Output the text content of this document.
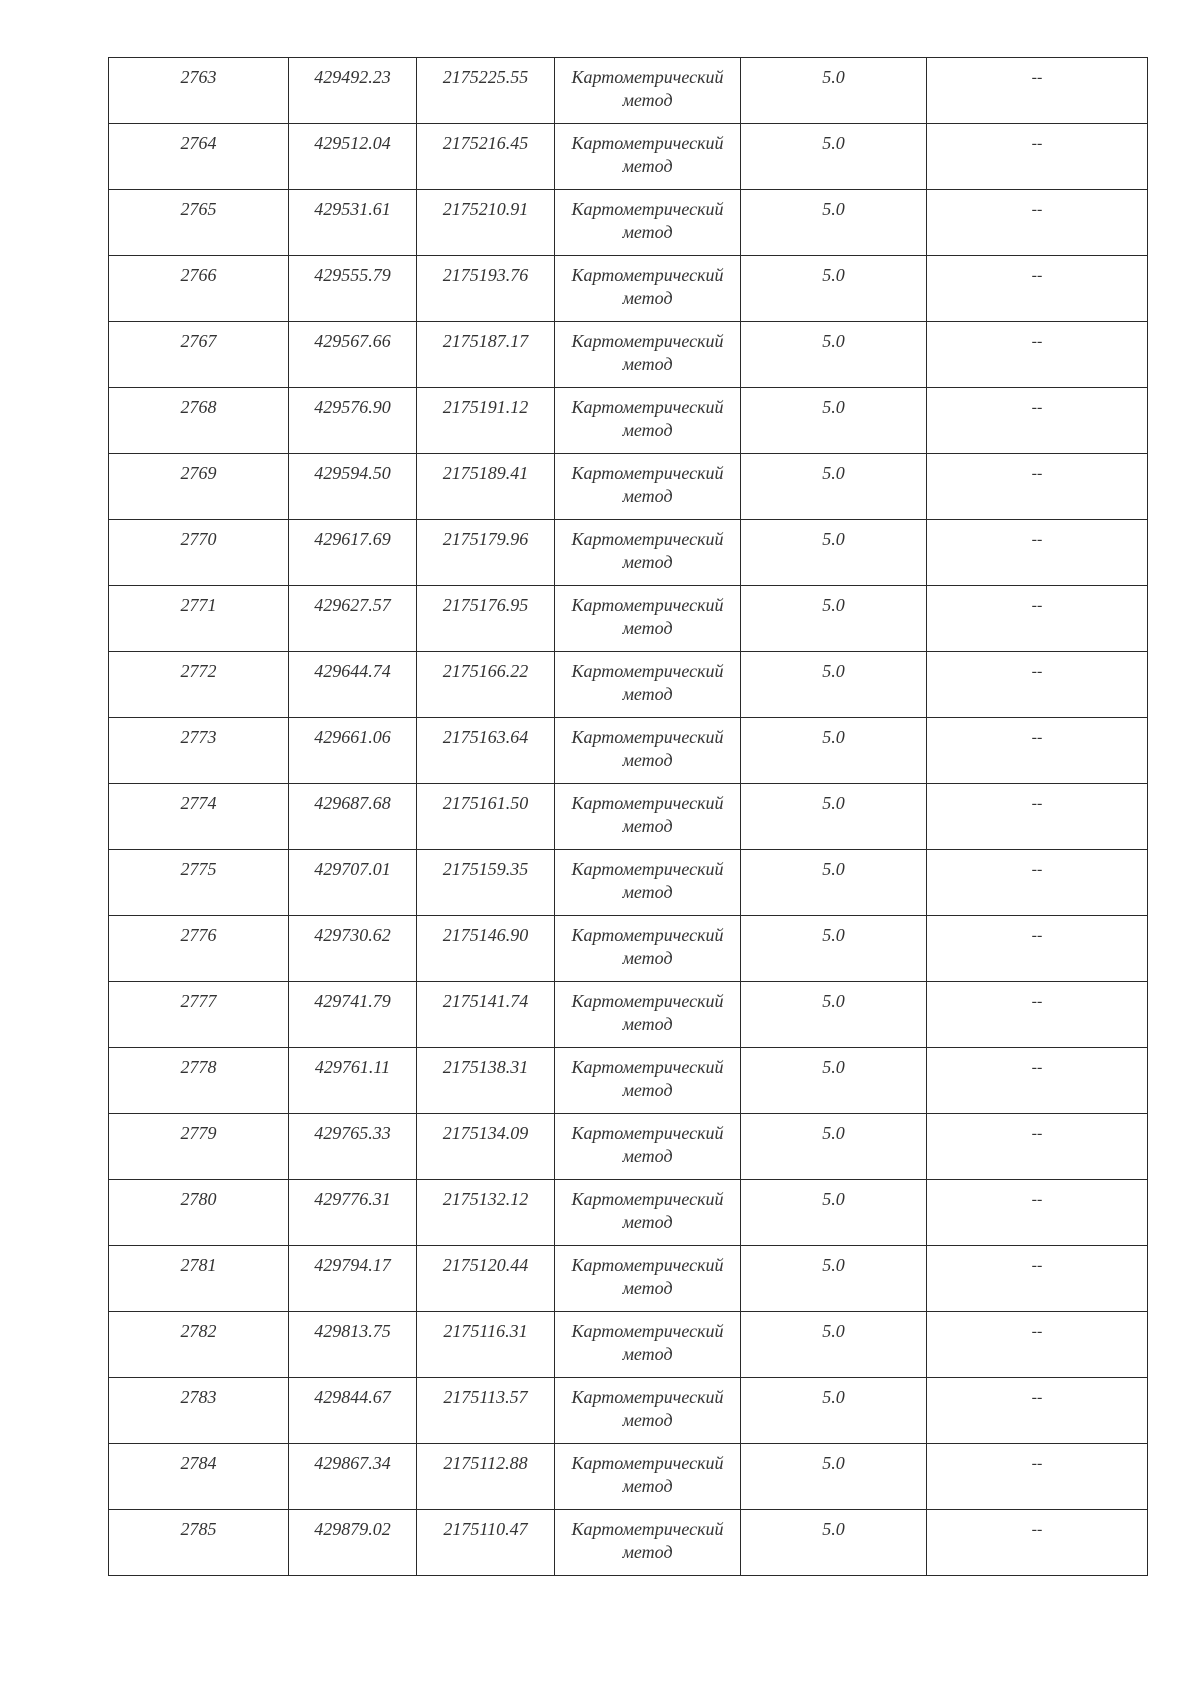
2763	429492.23	2175225.55	Картометрический метод	5.0	--
2764	429512.04	2175216.45	Картометрический метод	5.0	--
2765	429531.61	2175210.91	Картометрический метод	5.0	--
2766	429555.79	2175193.76	Картометрический метод	5.0	--
2767	429567.66	2175187.17	Картометрический метод	5.0	--
2768	429576.90	2175191.12	Картометрический метод	5.0	--
2769	429594.50	2175189.41	Картометрический метод	5.0	--
2770	429617.69	2175179.96	Картометрический метод	5.0	--
2771	429627.57	2175176.95	Картометрический метод	5.0	--
2772	429644.74	2175166.22	Картометрический метод	5.0	--
2773	429661.06	2175163.64	Картометрический метод	5.0	--
2774	429687.68	2175161.50	Картометрический метод	5.0	--
2775	429707.01	2175159.35	Картометрический метод	5.0	--
2776	429730.62	2175146.90	Картометрический метод	5.0	--
2777	429741.79	2175141.74	Картометрический метод	5.0	--
2778	429761.11	2175138.31	Картометрический метод	5.0	--
2779	429765.33	2175134.09	Картометрический метод	5.0	--
2780	429776.31	2175132.12	Картометрический метод	5.0	--
2781	429794.17	2175120.44	Картометрический метод	5.0	--
2782	429813.75	2175116.31	Картометрический метод	5.0	--
2783	429844.67	2175113.57	Картометрический метод	5.0	--
2784	429867.34	2175112.88	Картометрический метод	5.0	--
2785	429879.02	2175110.47	Картометрический метод	5.0	--
